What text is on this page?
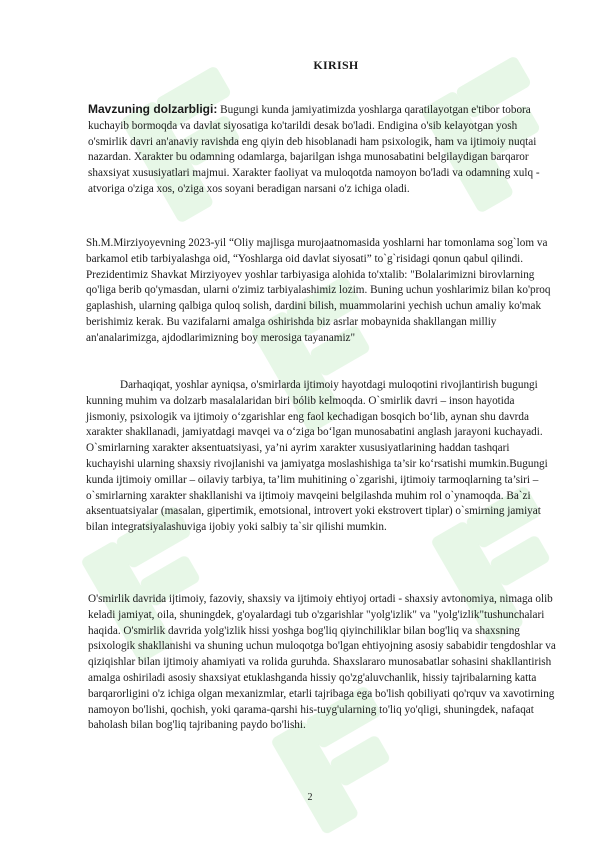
KIRISH

Mavzuning dolzarbligi: Bugungi kunda jamiyatimizda yoshlarga qaratilayotgan e'tibor tobora kuchayib bormoqda va davlat siyosatiga ko'tarildi desak bo'ladi. Endigina o'sib kelayotgan yosh o'smirlik davri an'anaviy ravishda eng qiyin deb hisoblanadi ham psixologik, ham va ijtimoiy nuqtai nazardan. Xarakter bu odamning odamlarga, bajarilgan ishga munosabatini belgilaydigan barqaror shaxsiyat xususiyatlari majmui. Xarakter faoliyat va muloqotda namoyon bo'ladi va odamning xulq -atvoriga o'ziga xos, o'ziga xos soyani beradigan narsani o'z ichiga oladi.

Sh.M.Mirziyoyevning 2023-yil “Oliy majlisga murojaatnomasida yoshlarni har tomonlama sog`lom va barkamol etib tarbiyalashga oid, “Yoshlarga oid davlat siyosati” to`g`risidagi qonun qabul qilindi. Prezidentimiz Shavkat Mirziyoyev yoshlar tarbiyasiga alohida to'xtalib: "Bolalarimizni birovlarning qo'liga berib qo'ymasdan, ularni o'zimiz tarbiyalashimiz lozim. Buning uchun yoshlarimiz bilan ko'proq gaplashish, ularning qalbiga quloq solish, dardini bilish, muammolarini yechish uchun amaliy ko'mak berishimiz kerak. Bu vazifalarni amalga oshirishda biz asrlar mobaynida shakllangan milliy an'analarimizga, ajdodlarimizning boy merosiga tayanamiz"

Darhaqiqat, yoshlar ayniqsa, o'smirlarda ijtimoiy hayotdagi muloqotini rivojlantirish bugungi kunning muhim va dolzarb masalalaridan biri bólib kelmoqda. O`smirlik davri – inson hayotida jismoniy, psixologik va ijtimoiy o‘zgarishlar eng faol kechadigan bosqich bo‘lib, aynan shu davrda xarakter shakllanadi, jamiyatdagi mavqei va o‘ziga bo‘lgan munosabatini anglash jarayoni kuchayadi. O`smirlarning xarakter aksentuatsiyasi, ya’ni ayrim xarakter xususiyatlarining haddan tashqari kuchayishi ularning shaxsiy rivojlanishi va jamiyatga moslashishiga ta’sir ko‘rsatishi mumkin.Bugungi kunda ijtimoiy omillar – oilaviy tarbiya, ta’lim muhitining o`zgarishi, ijtimoiy tarmoqlarning ta’siri – o`smirlarning xarakter shakllanishi va ijtimoiy mavqeini belgilashda muhim rol o`ynamoqda. Ba`zi aksentuatsiyalar (masalan, gipertimik, emotsional, introvert yoki ekstrovert tiplar) o`smirning jamiyat bilan integratsiyalashuviga ijobiy yoki salbiy ta`sir qilishi mumkin.

O'smirlik davrida ijtimoiy, fazoviy, shaxsiy va ijtimoiy ehtiyoj ortadi - shaxsiy avtonomiya, nimaga olib keladi jamiyat, oila, shuningdek, g'oyalardagi tub o'zgarishlar "yolg'izlik" va "yolg'izlik"tushunchalari haqida. O'smirlik davrida yolg'izlik hissi yoshga bog'liq qiyinchiliklar bilan bog'liq va shaxsning psixologik shakllanishi va shuning uchun muloqotga bo'lgan ehtiyojning asosiy sababidir tengdoshlar va qiziqishlar bilan ijtimoiy ahamiyati va rolida guruhda. Shaxslararo munosabatlar sohasini shakllantirish amalga oshiriladi asosiy shaxsiyat etuklashganda hissiy qo'zg'aluvchanlik, hissiy tajribalarning katta barqarorligini o'z ichiga olgan mexanizmlar, etarli tajribaga ega bo'lish qobiliyati qo'rquv va xavotirning namoyon bo'lishi, qochish, yoki qarama-qarshi his-tuyg'ularning to'liq yo'qligi, shuningdek, nafaqat baholash bilan bog'liq tajribaning paydo bo'lishi.

2
